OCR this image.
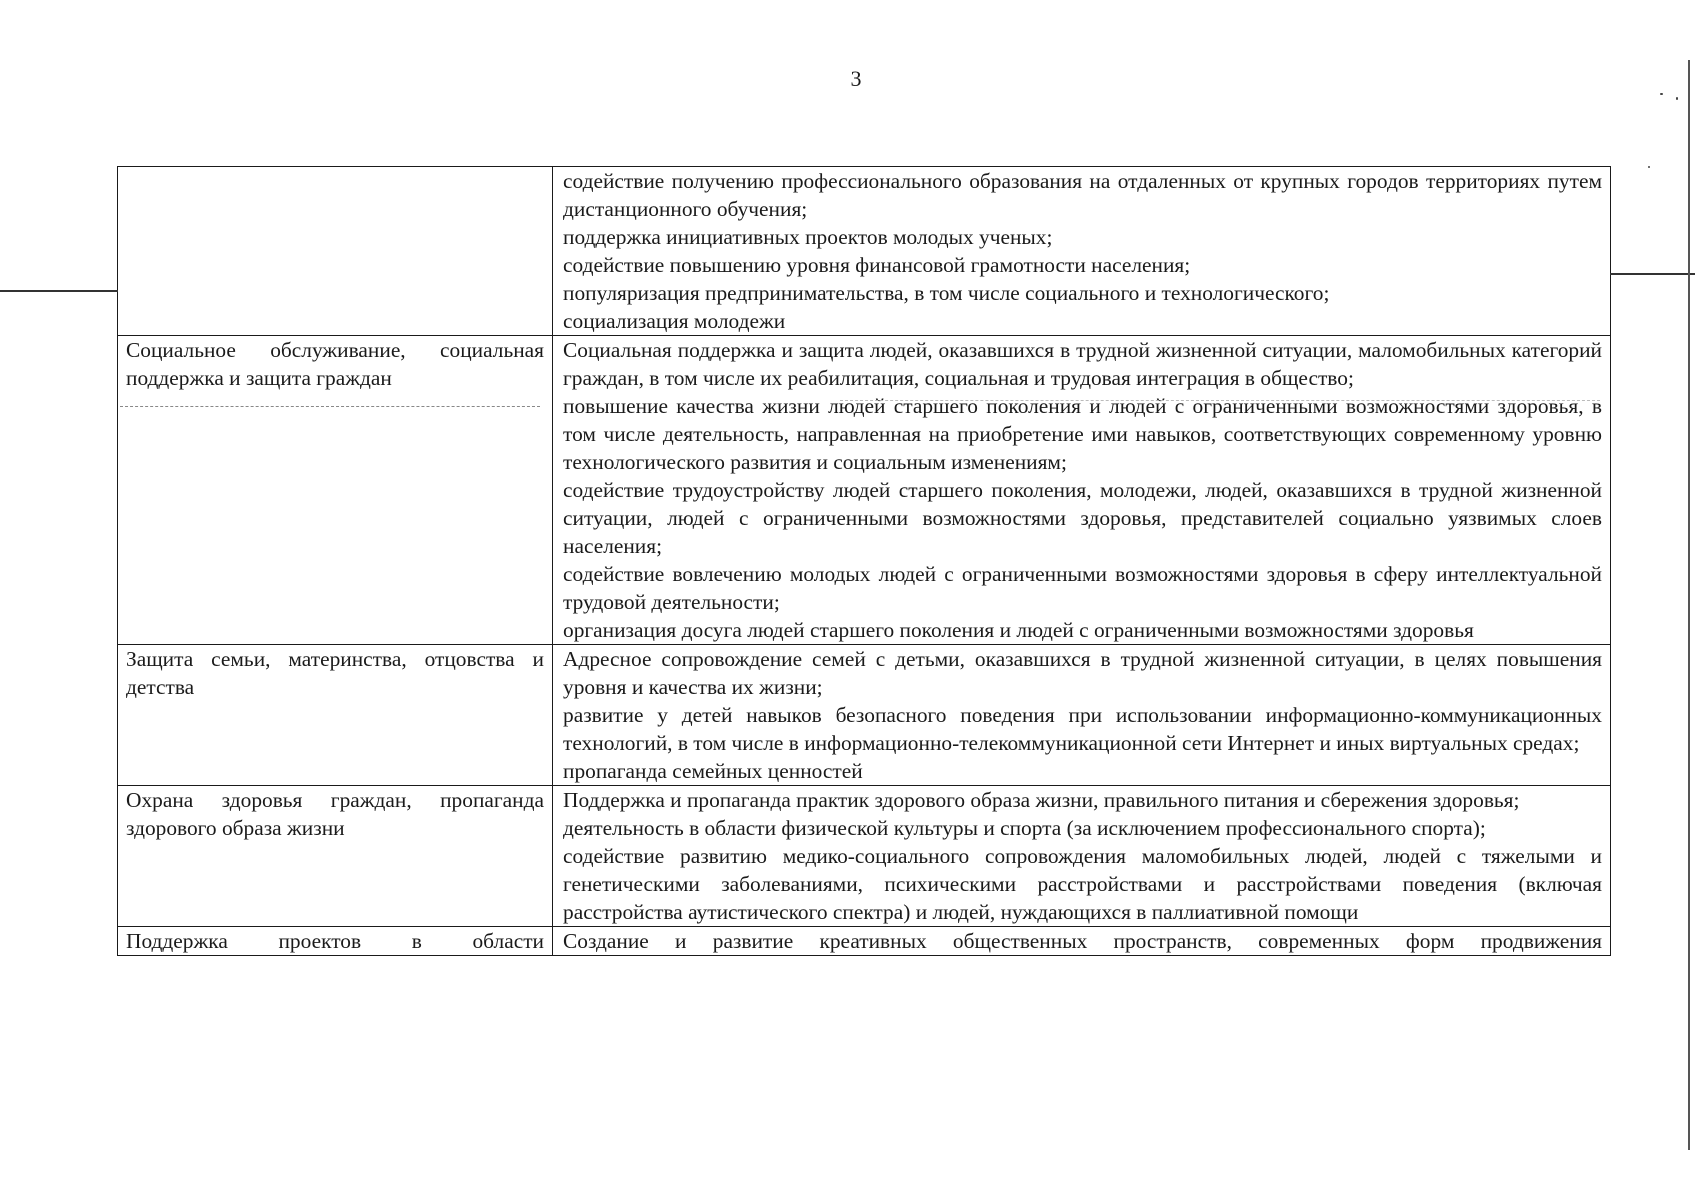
3

	содействие получению профессионального образования на отдаленных от крупных городов территориях путем дистанционного обучения;
поддержка инициативных проектов молодых ученых;
содействие повышению уровня финансовой грамотности населения;
популяризация предпринимательства, в том числе социального и технологического;
социализация молодежи

Социальное обслуживание, социальная поддержка и защита граждан	Социальная поддержка и защита людей, оказавшихся в трудной жизненной ситуации, маломобильных категорий граждан, в том числе их реабилитация, социальная и трудовая интеграция в общество;
повышение качества жизни людей старшего поколения и людей с ограниченными возможностями здоровья, в том числе деятельность, направленная на приобретение ими навыков, соответствующих современному уровню технологического развития и социальным изменениям;
содействие трудоустройству людей старшего поколения, молодежи, людей, оказавшихся в трудной жизненной ситуации, людей с ограниченными возможностями здоровья, представителей социально уязвимых слоев населения;
содействие вовлечению молодых людей с ограниченными возможностями здоровья в сферу интеллектуальной трудовой деятельности;
организация досуга людей старшего поколения и людей с ограниченными возможностями здоровья

Защита семьи, материнства, отцовства и детства	Адресное сопровождение семей с детьми, оказавшихся в трудной жизненной ситуации, в целях повышения уровня и качества их жизни;
развитие у детей навыков безопасного поведения при использовании информационно-коммуникационных технологий, в том числе в информационно-телекоммуникационной сети Интернет и иных виртуальных средах;
пропаганда семейных ценностей

Охрана здоровья граждан, пропаганда здорового образа жизни	Поддержка и пропаганда практик здорового образа жизни, правильного питания и сбережения здоровья;
деятельность в области физической культуры и спорта (за исключением профессионального спорта);
содействие развитию медико-социального сопровождения маломобильных людей, людей с тяжелыми и генетическими заболеваниями, психическими расстройствами и расстройствами поведения (включая расстройства аутистического спектра) и людей, нуждающихся в паллиативной помощи

Поддержка проектов в области	Создание и развитие креативных общественных пространств, современных форм продвижения
